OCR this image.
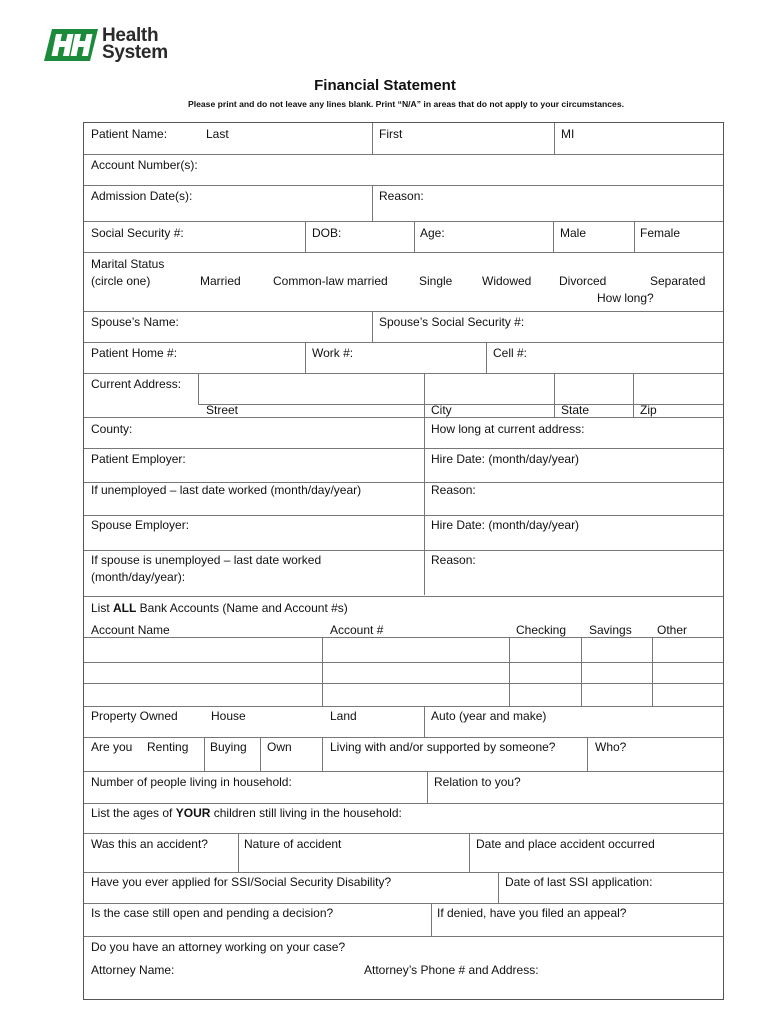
Health
System
Financial Statement
Please print and do not leave any lines blank. Print “N/A” in areas that do not apply to your circumstances.
Patient Name:	Last	First	MI
Account Number(s):
Admission Date(s):	Reason:
Social Security #:	DOB:	Age:	Male	Female
Marital Status
(circle one)	Married	Common-law married	Single Widowed Divorced	Separated
How long?
Spouse’s Name:	Spouse’s Social Security #:
Patient Home #:	Work #:	Cell #:
Current Address:
Street	City	State	Zip
County:	How long at current address:
Patient Employer:	Hire Date: (month/day/year)
If unemployed – last date worked (month/day/year)	Reason:
Spouse Employer:	Hire Date: (month/day/year)
If spouse is unemployed – last date worked
(month/day/year):
Reason:
List ALL Bank Accounts (Name and Account #s)
Account Name	Account #	Checking Savings Other
Property Owned	House	Land	Auto (year and make)
Are you Renting Buying Own	Living with and/or supported by someone?	Who?
Number of people living in household:	Relation to you?
List the ages of YOUR children still living in the household:
Was this an accident?	Nature of accident	Date and place accident occurred
Have you ever applied for SSI/Social Security Disability?	Date of last SSI application:
Is the case still open and pending a decision?	If denied, have you filed an appeal?
Do you have an attorney working on your case?
Attorney Name:	Attorney’s Phone # and Address:
